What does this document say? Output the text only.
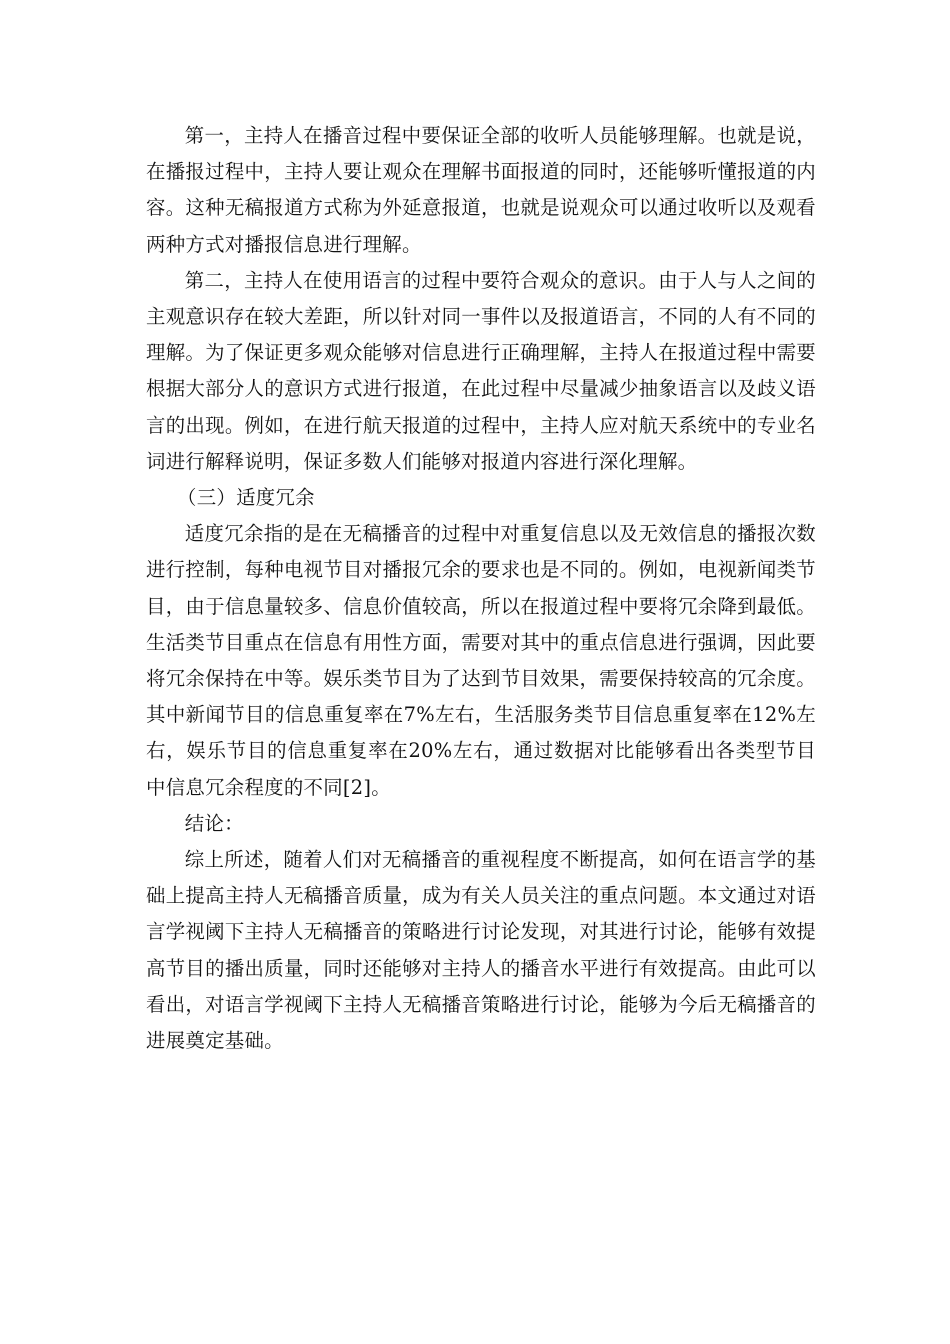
第一，主持人在播音过程中要保证全部的收听人员能够理解。也就是说，在播报过程中，主持人要让观众在理解书面报道的同时，还能够听懂报道的内容。这种无稿报道方式称为外延意报道，也就是说观众可以通过收听以及观看两种方式对播报信息进行理解。

第二，主持人在使用语言的过程中要符合观众的意识。由于人与人之间的主观意识存在较大差距，所以针对同一事件以及报道语言，不同的人有不同的理解。为了保证更多观众能够对信息进行正确理解，主持人在报道过程中需要根据大部分人的意识方式进行报道，在此过程中尽量减少抽象语言以及歧义语言的出现。例如，在进行航天报道的过程中，主持人应对航天系统中的专业名词进行解释说明，保证多数人们能够对报道内容进行深化理解。

（三）适度冗余

适度冗余指的是在无稿播音的过程中对重复信息以及无效信息的播报次数进行控制，每种电视节目对播报冗余的要求也是不同的。例如，电视新闻类节目，由于信息量较多、信息价值较高，所以在报道过程中要将冗余降到最低。生活类节目重点在信息有用性方面，需要对其中的重点信息进行强调，因此要将冗余保持在中等。娱乐类节目为了达到节目效果，需要保持较高的冗余度。其中新闻节目的信息重复率在7%左右，生活服务类节目信息重复率在12%左右，娱乐节目的信息重复率在20%左右，通过数据对比能够看出各类型节目中信息冗余程度的不同[2]。

结论：

综上所述，随着人们对无稿播音的重视程度不断提高，如何在语言学的基础上提高主持人无稿播音质量，成为有关人员关注的重点问题。本文通过对语言学视阈下主持人无稿播音的策略进行讨论发现，对其进行讨论，能够有效提高节目的播出质量，同时还能够对主持人的播音水平进行有效提高。由此可以看出，对语言学视阈下主持人无稿播音策略进行讨论，能够为今后无稿播音的进展奠定基础。
